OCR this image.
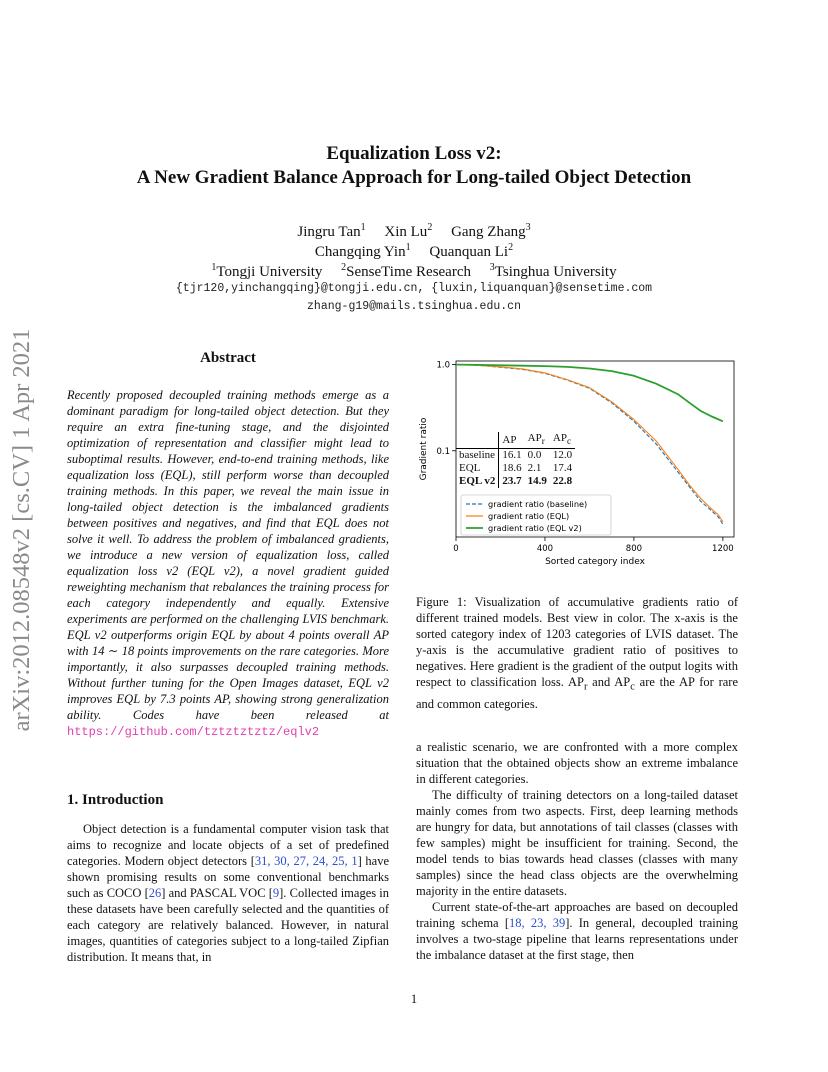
arXiv:2012.08548v2 [cs.CV] 1 Apr 2021
Equalization Loss v2:
A New Gradient Balance Approach for Long-tailed Object Detection
Jingru Tan$^1$ Xin Lu$^2$ Gang Zhang$^3$
Changqing Yin$^1$ Quanquan Li$^2$
$^1$Tongji University $^2$SenseTime Research $^3$Tsinghua University
{tjr120,yinchangqing}@tongji.edu.cn, {luxin,liquanquan}@sensetime.com
zhang-g19@mails.tsinghua.edu.cn
Abstract
Recently proposed decoupled training methods emerge as a dominant paradigm for long-tailed object detection. But they require an extra fine-tuning stage, and the disjointed optimization of representation and classifier might lead to suboptimal results. However, end-to-end training methods, like equalization loss (EQL), still perform worse than decoupled training methods. In this paper, we reveal the main issue in long-tailed object detection is the imbalanced gradients between positives and negatives, and find that EQL does not solve it well. To address the problem of imbalanced gradients, we introduce a new version of equalization loss, called equalization loss v2 (EQL v2), a novel gradient guided reweighting mechanism that rebalances the training process for each category independently and equally. Extensive experiments are performed on the challenging LVIS benchmark. EQL v2 outperforms origin EQL by about 4 points overall AP with 14 ∼ 18 points improvements on the rare categories. More importantly, it also surpasses decoupled training methods. Without further tuning for the Open Images dataset, EQL v2 improves EQL by 7.3 points AP, showing strong generalization ability. Codes have been released at https://github.com/tztztztztz/eqlv2
1. Introduction

Object detection is a fundamental computer vision task that aims to recognize and locate objects of a set of predefined categories. Modern object detectors [31, 30, 27, 24, 25, 1] have shown promising results on some conventional benchmarks such as COCO [26] and PASCAL VOC [9]. Collected images in these datasets have been carefully selected and the quantities of each category are relatively balanced. However, in natural images, quantities of categories subject to a long-tailed Zipfian distribution. It means that, in

0	400	800	1200
1.0
0.1
Sorted category index
Gradient ratio
gradient ratio (baseline)
gradient ratio (EQL)
gradient ratio (EQL v2)
	AP	$AP_r$	$AP_c$
baseline	16.1	0.0	12.0
EQL	18.6	2.1	17.4
EQL v2	23.7	14.9	22.8
Figure 1: Visualization of accumulative gradients ratio of different trained models. Best view in color. The x-axis is the sorted category index of 1203 categories of LVIS dataset. The y-axis is the accumulative gradient ratio of positives to negatives. Here gradient is the gradient of the output logits with respect to classification loss. $AP_r$ and $AP_c$ are the AP for rare and common categories.

a realistic scenario, we are confronted with a more complex situation that the obtained objects show an extreme imbalance in different categories.

The difficulty of training detectors on a long-tailed dataset mainly comes from two aspects. First, deep learning methods are hungry for data, but annotations of tail classes (classes with few samples) might be insufficient for training. Second, the model tends to bias towards head classes (classes with many samples) since the head class objects are the overwhelming majority in the entire datasets.

Current state-of-the-art approaches are based on decoupled training schema [18, 23, 39]. In general, decoupled training involves a two-stage pipeline that learns representations under the imbalance dataset at the first stage, then

1
